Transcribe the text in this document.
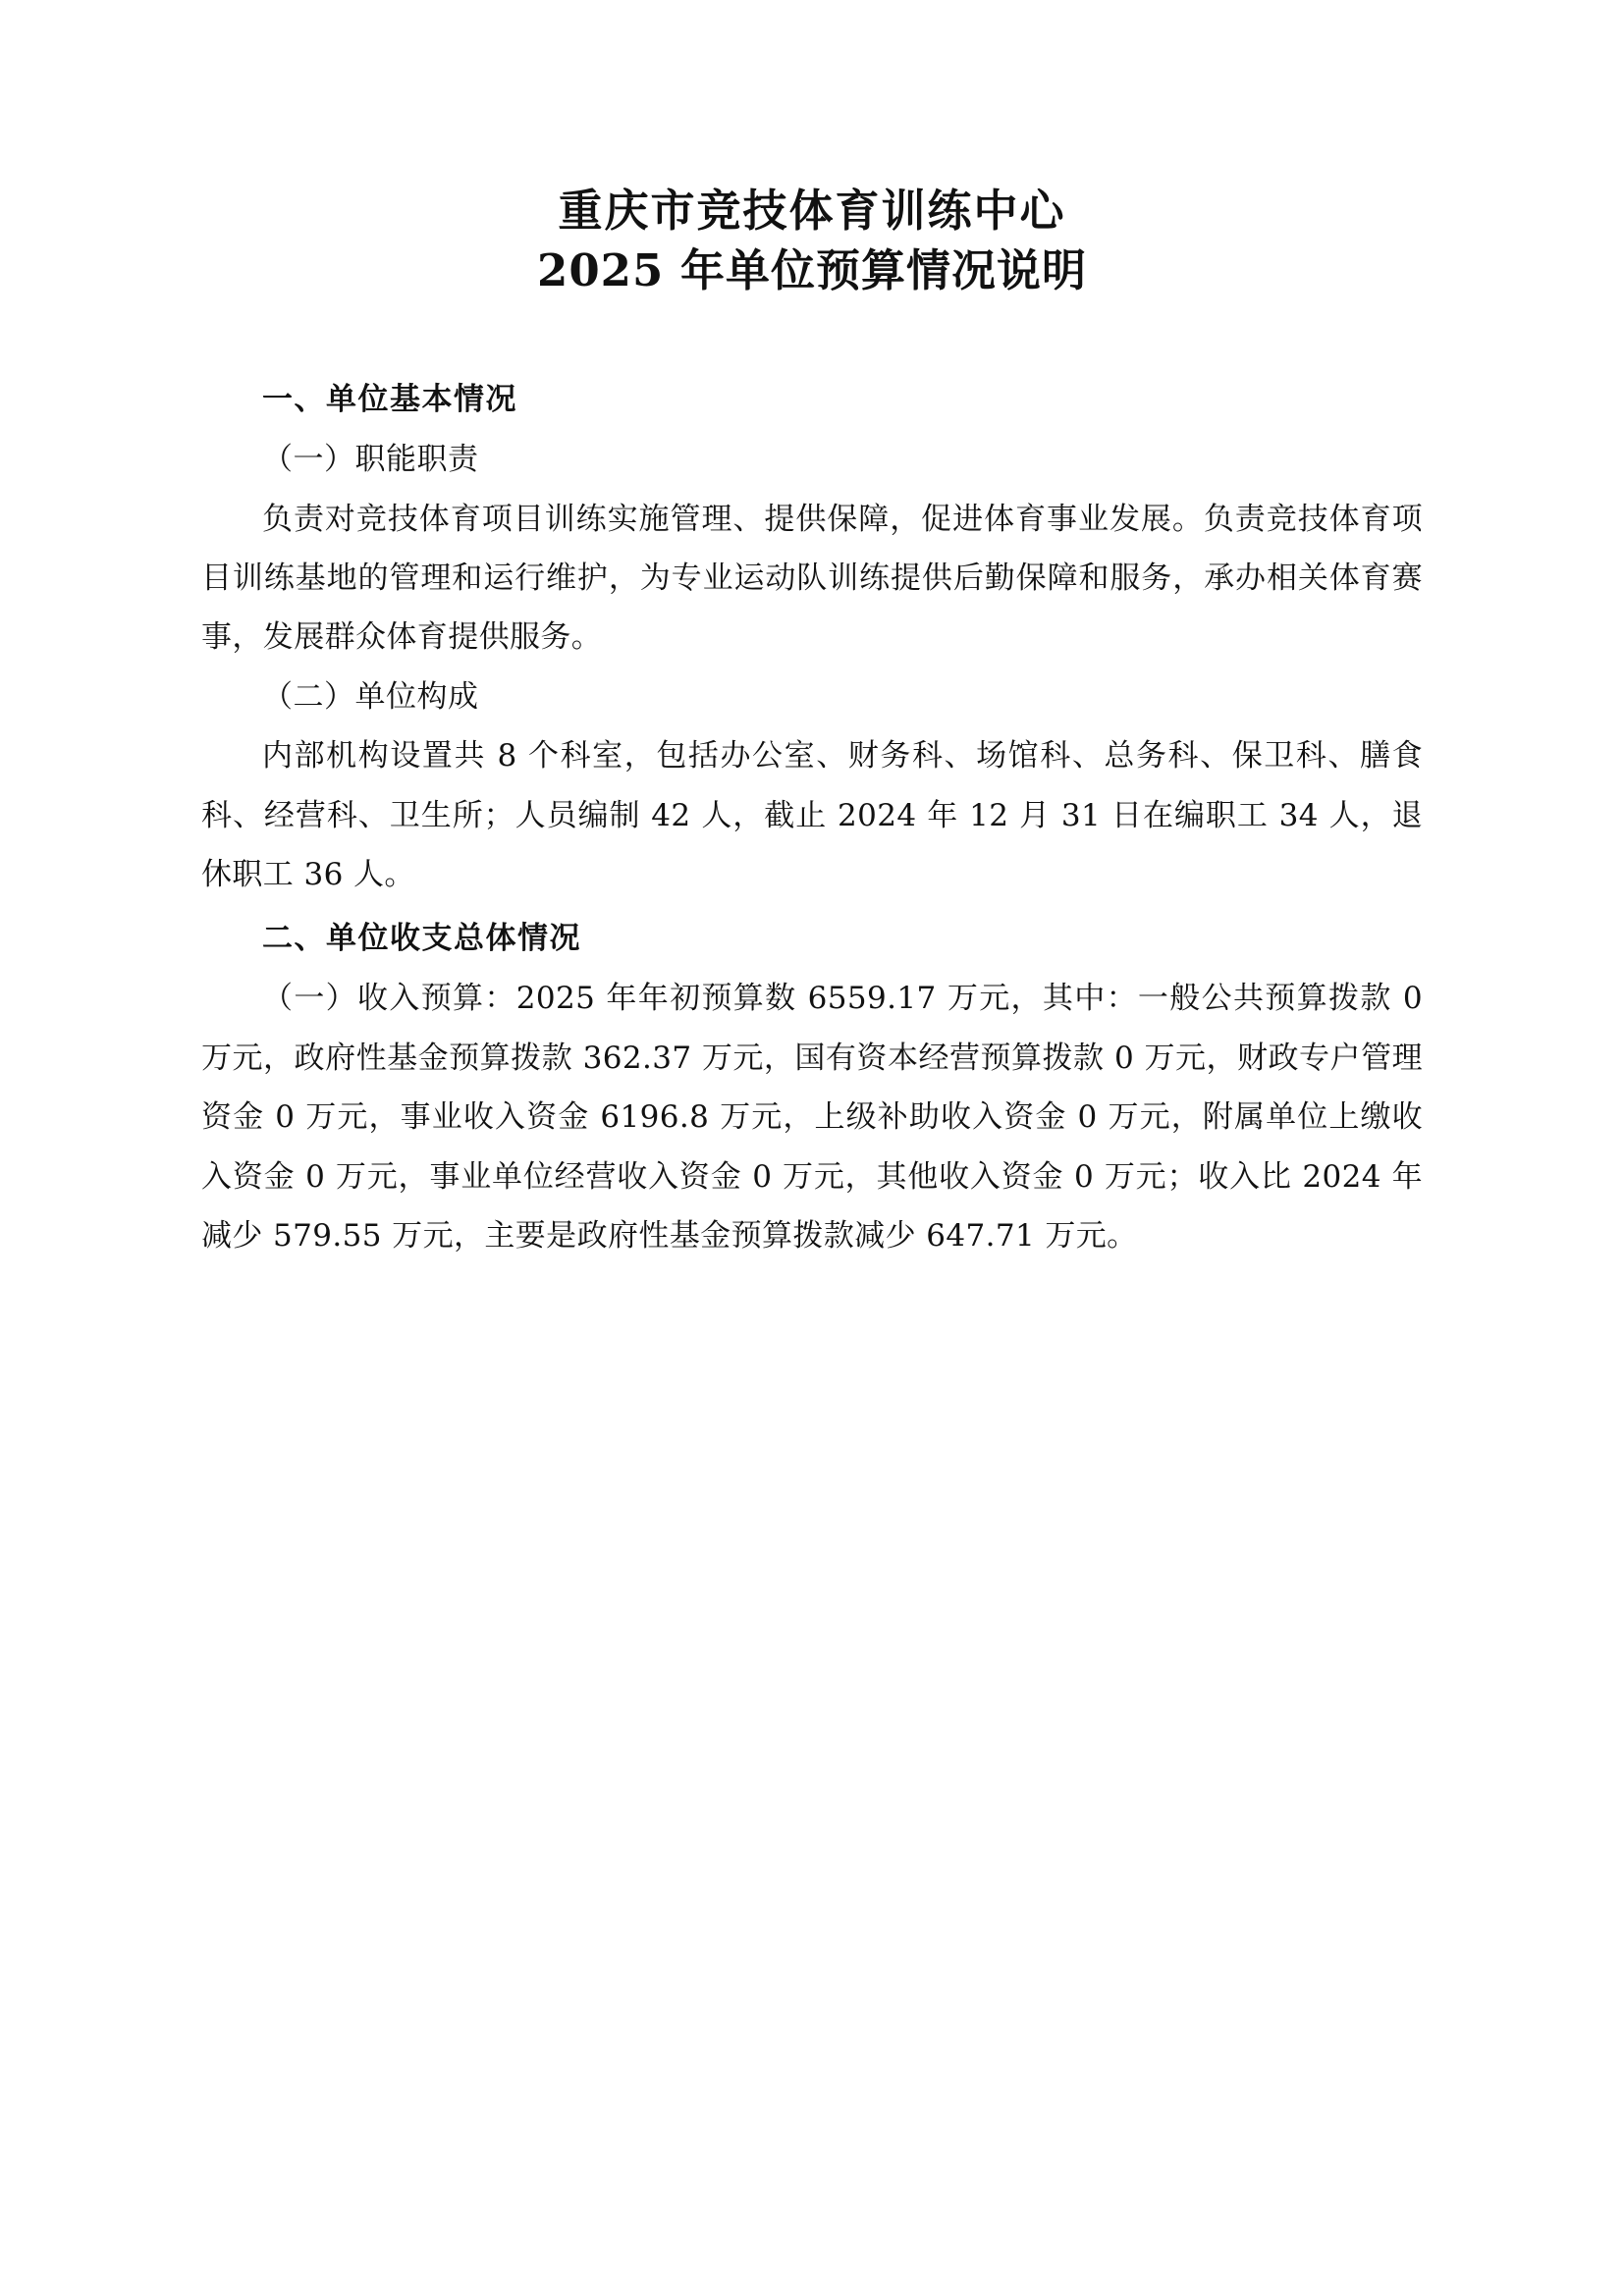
重庆市竞技体育训练中心
2025 年单位预算情况说明
一、单位基本情况

（一）职能职责

负责对竞技体育项目训练实施管理、提供保障，促进体育事业发展。负责竞技体育项目训练基地的管理和运行维护，为专业运动队训练提供后勤保障和服务，承办相关体育赛事，发展群众体育提供服务。

（二）单位构成

内部机构设置共 8 个科室，包括办公室、财务科、场馆科、总务科、保卫科、膳食科、经营科、卫生所；人员编制 42 人，截止 2024 年 12 月 31 日在编职工 34 人，退休职工 36 人。

二、单位收支总体情况

（一）收入预算：2025 年年初预算数 6559.17 万元，其中：一般公共预算拨款 0 万元，政府性基金预算拨款 362.37 万元，国有资本经营预算拨款 0 万元，财政专户管理资金 0 万元，事业收入资金 6196.8 万元，上级补助收入资金 0 万元，附属单位上缴收入资金 0 万元，事业单位经营收入资金 0 万元，其他收入资金 0 万元；收入比 2024 年减少 579.55 万元，主要是政府性基金预算拨款减少 647.71 万元。
